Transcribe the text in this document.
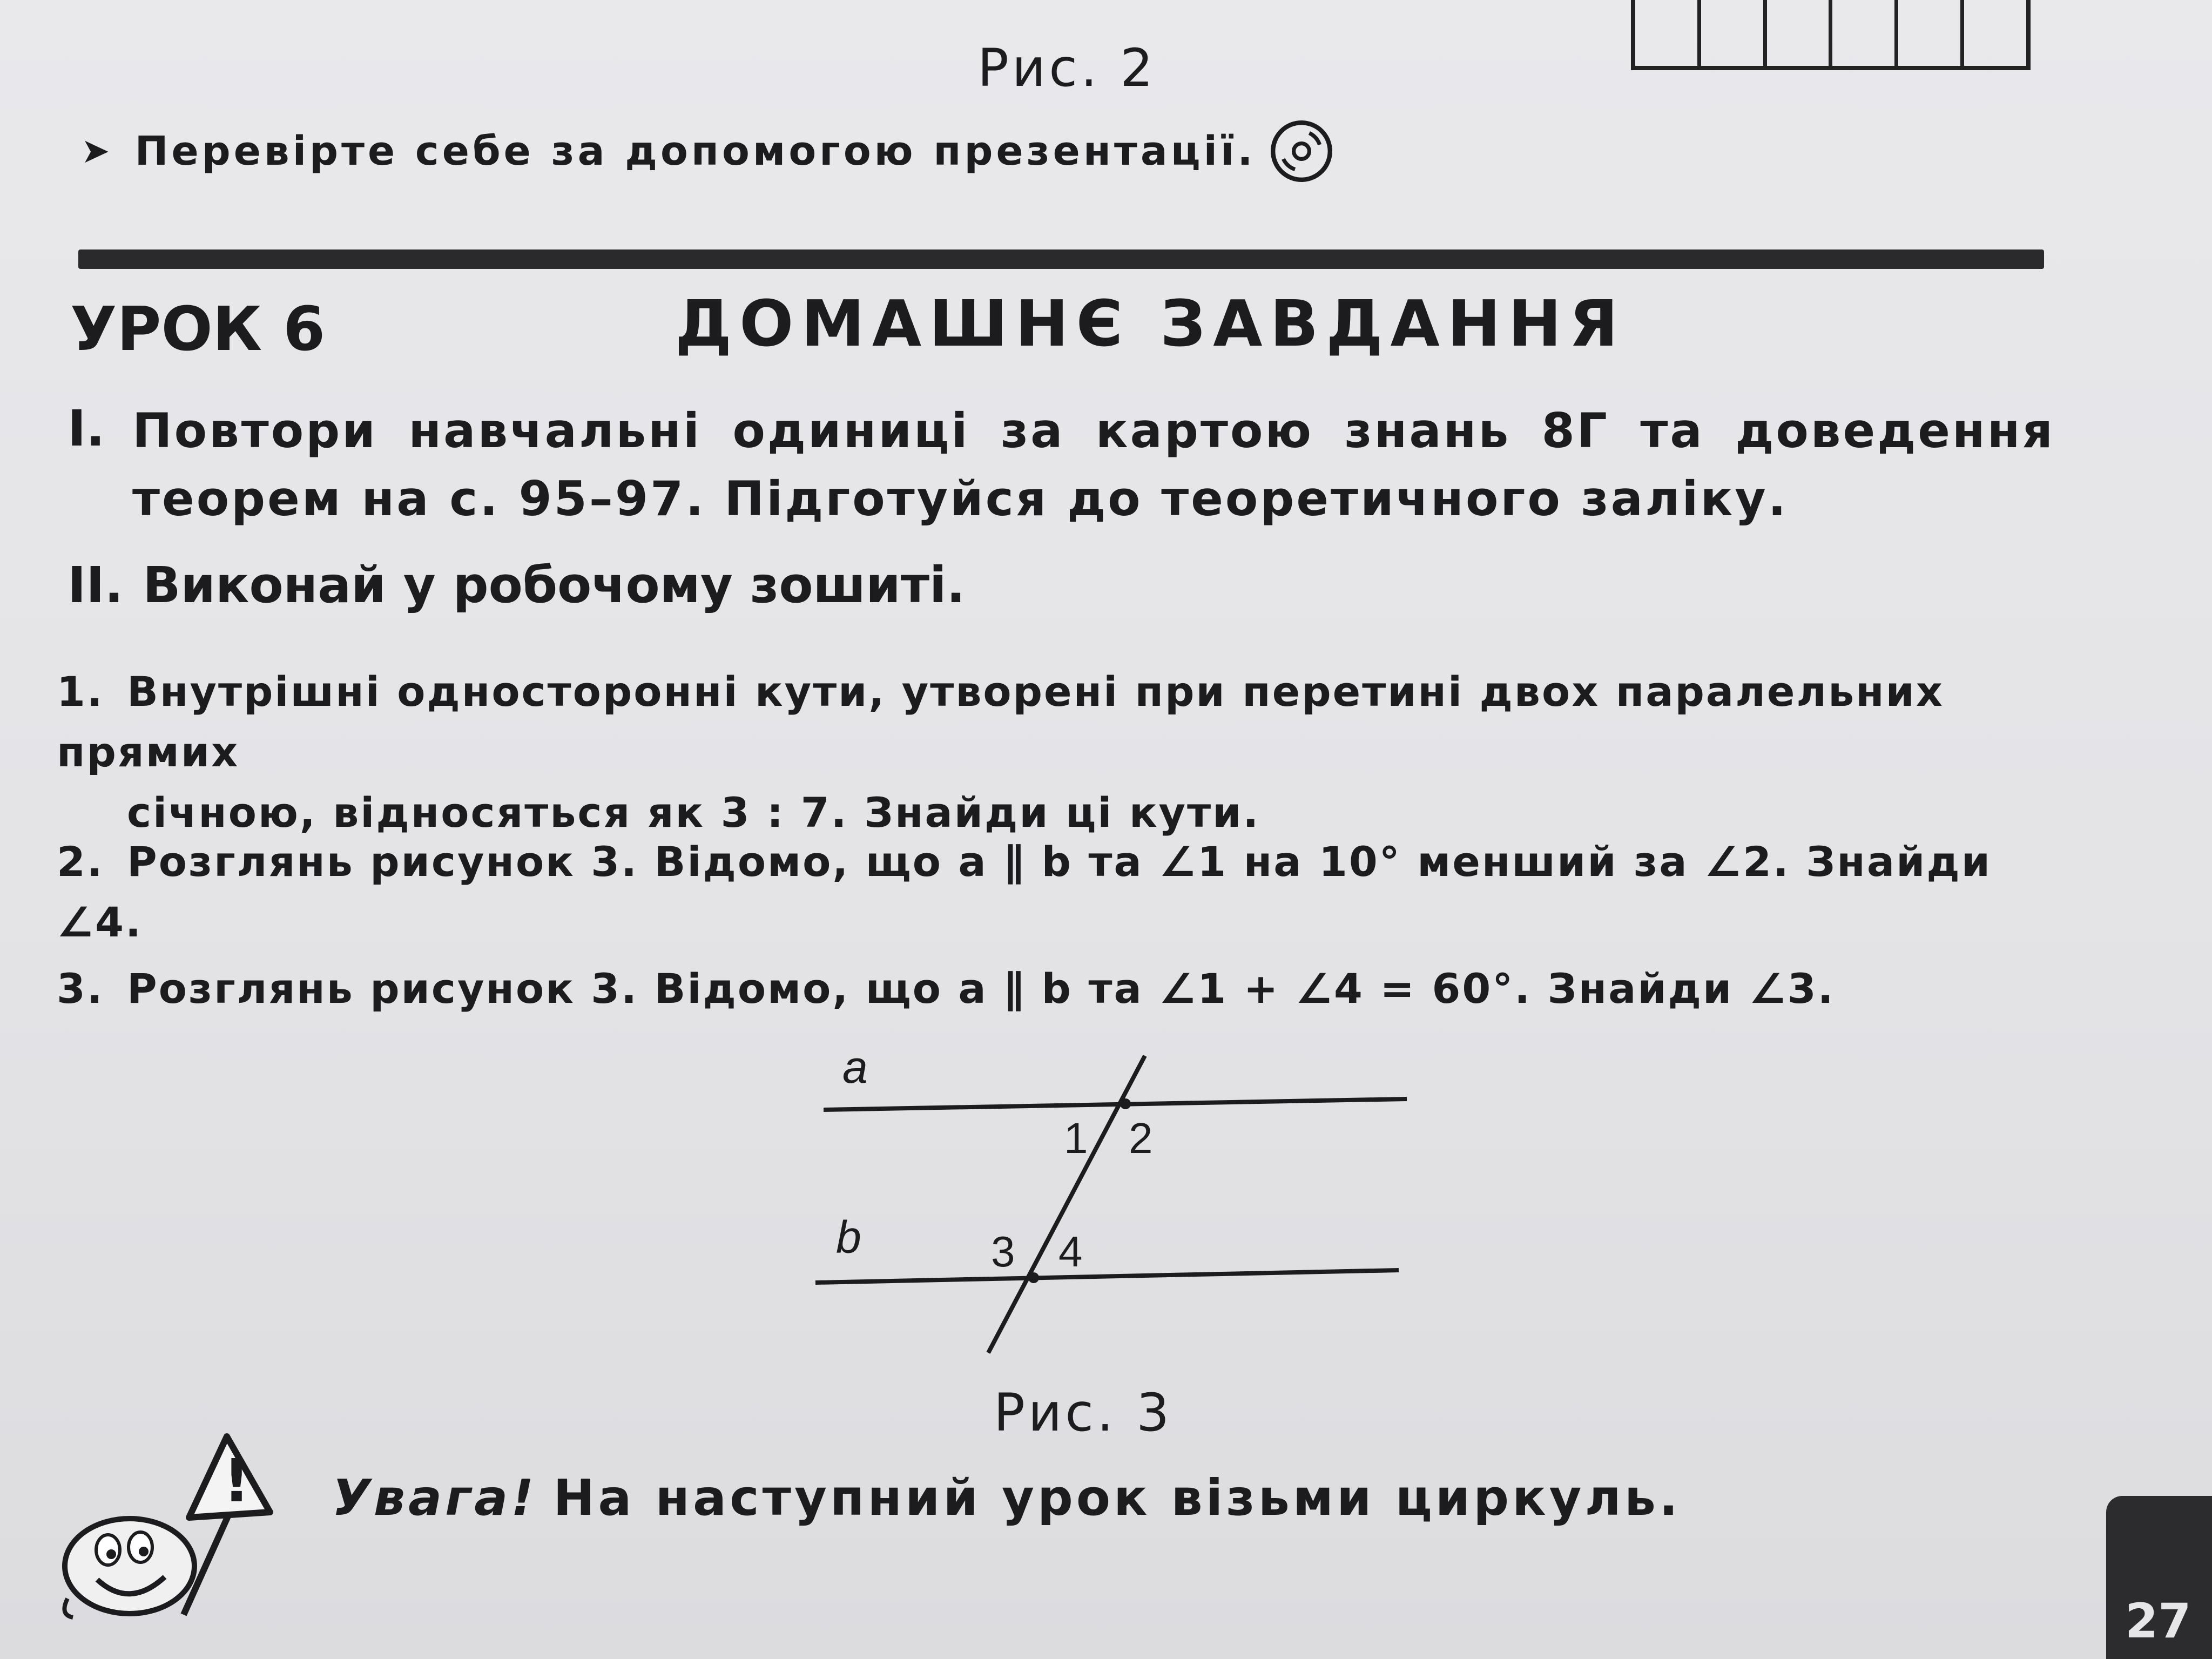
Рис. 2
➤ Перевірте себе за допомогою презентації.
УРОК 6	ДОМАШНЄ ЗАВДАННЯ
I. Повтори навчальні одиниці за картою знань 8Г та доведення теорем на с. 95–97. Підготуйся до теоретичного заліку.
II. Виконай у робочому зошиті.
1. Внутрішні односторонні кути, утворені при перетині двох паралельних прямих
січною, відносяться як 3 : 7. Знайди ці кути.
2. Розглянь рисунок 3. Відомо, що a ∥ b та ∠1 на 10° менший за ∠2. Знайди ∠4.
3. Розглянь рисунок 3. Відомо, що a ∥ b та ∠1 + ∠4 = 60°. Знайди ∠3.
a
b
1 2
3 4
Рис. 3
! Увага! На наступний урок візьми циркуль.
27
